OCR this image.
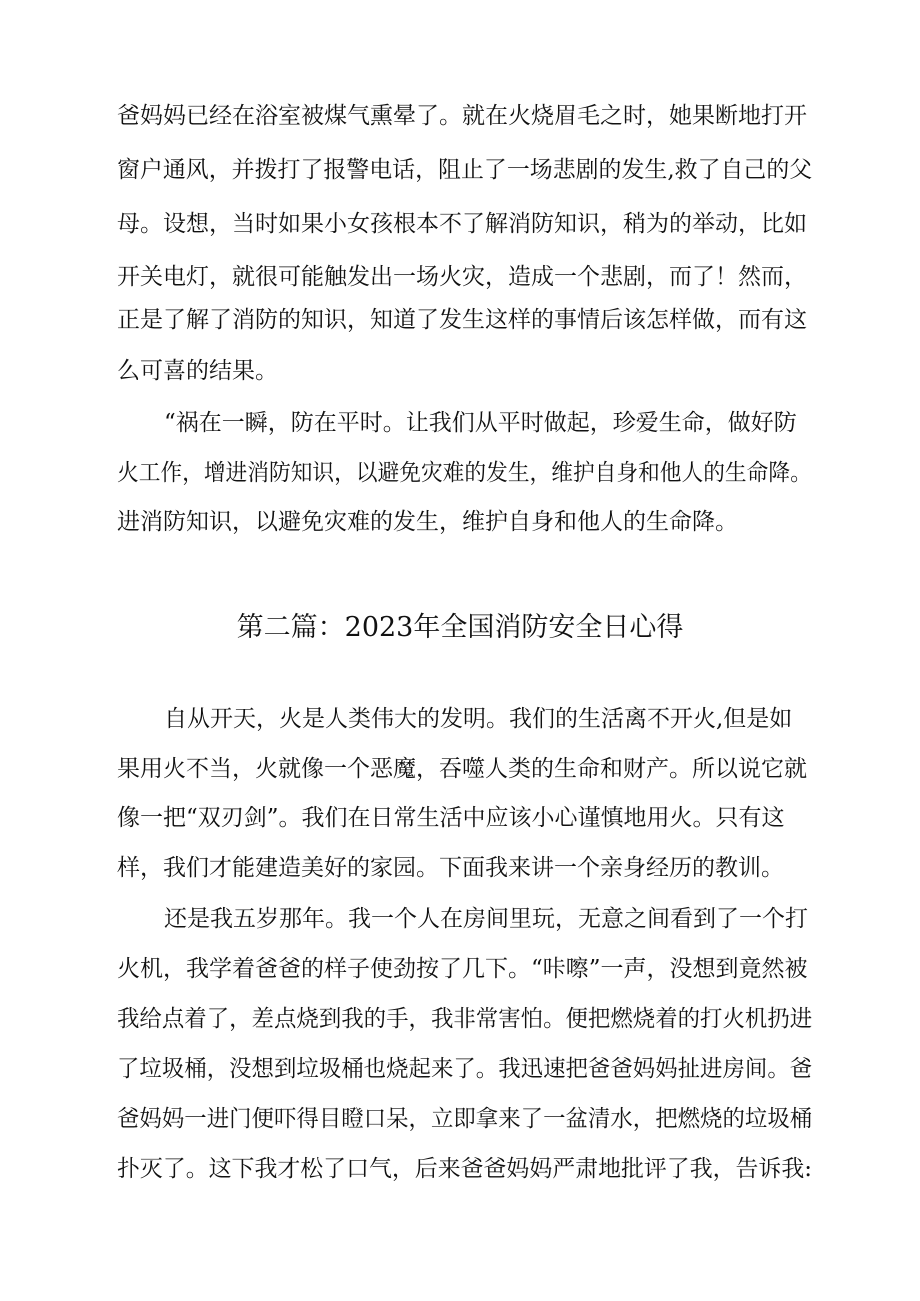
爸妈妈已经在浴室被煤气熏晕了。就在火烧眉毛之时，她果断地打开
窗户通风，并拨打了报警电话，阻止了一场悲剧的发生,救了自己的父
母。设想，当时如果小女孩根本不了解消防知识，稍为的举动，比如
开关电灯，就很可能触发出一场火灾，造成一个悲剧，而了！然而，
正是了解了消防的知识，知道了发生这样的事情后该怎样做，而有这
么可喜的结果。
“祸在一瞬，防在平时。让我们从平时做起，珍爱生命，做好防
火工作，增进消防知识，以避免灾难的发生，维护自身和他人的生命降。
进消防知识，以避免灾难的发生，维护自身和他人的生命降。
第二篇：2023年全国消防安全日心得
自从开天，火是人类伟大的发明。我们的生活离不开火,但是如
果用火不当，火就像一个恶魔，吞噬人类的生命和财产。所以说它就
像一把“双刃剑”。我们在日常生活中应该小心谨慎地用火。只有这
样，我们才能建造美好的家园。下面我来讲一个亲身经历的教训。
还是我五岁那年。我一个人在房间里玩，无意之间看到了一个打
火机，我学着爸爸的样子使劲按了几下。“咔嚓”一声，没想到竟然被
我给点着了，差点烧到我的手，我非常害怕。便把燃烧着的打火机扔进
了垃圾桶，没想到垃圾桶也烧起来了。我迅速把爸爸妈妈扯进房间。爸
爸妈妈一进门便吓得目瞪口呆，立即拿来了一盆清水，把燃烧的垃圾桶
扑灭了。这下我才松了口气，后来爸爸妈妈严肃地批评了我，告诉我:
